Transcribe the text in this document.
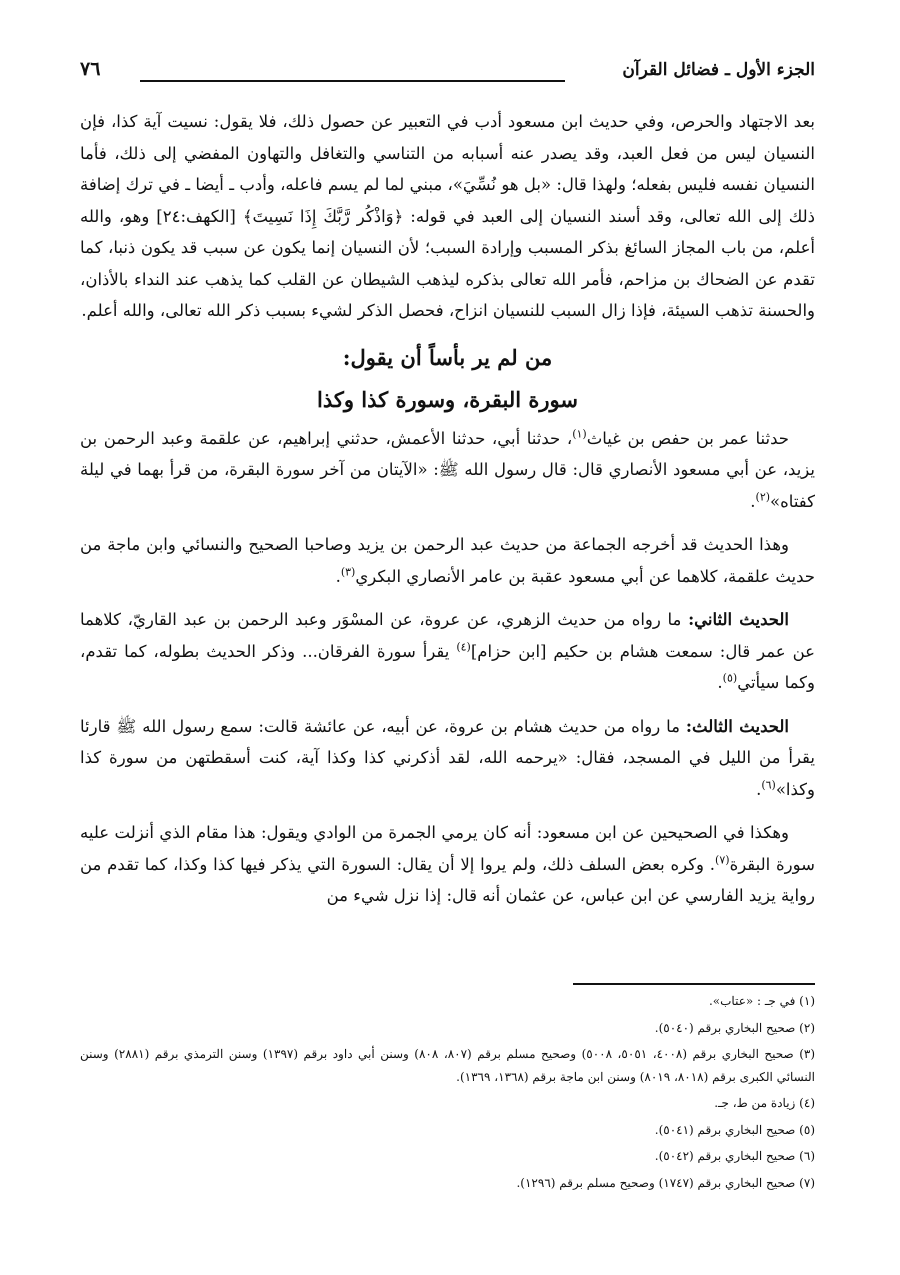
الجزء الأول ـ فضائل القرآن
٧٦

بعد الاجتهاد والحرص، وفي حديث ابن مسعود أدب في التعبير عن حصول ذلك، فلا يقول: نسيت آية كذا، فإن النسيان ليس من فعل العبد، وقد يصدر عنه أسبابه من التناسي والتغافل والتهاون المفضي إلى ذلك، فأما النسيان نفسه فليس بفعله؛ ولهذا قال: «بل هو نُسِّيَ»، مبني لما لم يسم فاعله، وأدب ـ أيضا ـ في ترك إضافة ذلك إلى الله تعالى، وقد أسند النسيان إلى العبد في قوله: ﴿وَاذْكُر رَّبَّكَ إِذَا نَسِيتَ﴾ [الكهف:٢٤] وهو، والله أعلم، من باب المجاز السائغ بذكر المسبب وإرادة السبب؛ لأن النسيان إنما يكون عن سبب قد يكون ذنبا، كما تقدم عن الضحاك بن مزاحم، فأمر الله تعالى بذكره ليذهب الشيطان عن القلب كما يذهب عند النداء بالأذان، والحسنة تذهب السيئة، فإذا زال السبب للنسيان انزاح، فحصل الذكر لشيء بسبب ذكر الله تعالى، والله أعلم.

من لم ير بأساً أن يقول:
سورة البقرة، وسورة كذا وكذا

حدثنا عمر بن حفص بن غياث$^{(١)}$، حدثنا أبي، حدثنا الأعمش، حدثني إبراهيم، عن علقمة وعبد الرحمن بن يزيد، عن أبي مسعود الأنصاري قال: قال رسول الله ﷺ: «الآيتان من آخر سورة البقرة، من قرأ بهما في ليلة كفتاه»$^{(٢)}$.

وهذا الحديث قد أخرجه الجماعة من حديث عبد الرحمن بن يزيد وصاحبا الصحيح والنسائي وابن ماجة من حديث علقمة، كلاهما عن أبي مسعود عقبة بن عامر الأنصاري البكري$^{(٣)}$.

الحديث الثاني: ما رواه من حديث الزهري، عن عروة، عن المسْوَر وعبد الرحمن بن عبد القاريّ، كلاهما عن عمر قال: سمعت هشام بن حكيم [ابن حزام]$^{(٤)}$ يقرأ سورة الفرقان... وذكر الحديث بطوله، كما تقدم، وكما سيأتي$^{(٥)}$.

الحديث الثالث: ما رواه من حديث هشام بن عروة، عن أبيه، عن عائشة قالت: سمع رسول الله ﷺ قارئا يقرأ من الليل في المسجد، فقال: «يرحمه الله، لقد أذكرني كذا وكذا آية، كنت أسقطتهن من سورة كذا وكذا»$^{(٦)}$.

وهكذا في الصحيحين عن ابن مسعود: أنه كان يرمي الجمرة من الوادي ويقول: هذا مقام الذي أنزلت عليه سورة البقرة$^{(٧)}$. وكره بعض السلف ذلك، ولم يروا إلا أن يقال: السورة التي يذكر فيها كذا وكذا، كما تقدم من رواية يزيد الفارسي عن ابن عباس، عن عثمان أنه قال: إذا نزل شيء من

(١) في جـ : «عتاب».
(٢) صحيح البخاري برقم (٥٠٤٠).
(٣) صحيح البخاري برقم (٤٠٠٨، ٥٠٥١، ٥٠٠٨) وصحيح مسلم برقم (٨٠٧، ٨٠٨) وسنن أبي داود برقم (١٣٩٧) وسنن الترمذي برقم (٢٨٨١) وسنن النسائي الكبرى برقم (٨٠١٨، ٨٠١٩) وسنن ابن ماجة برقم (١٣٦٨، ١٣٦٩).
(٤) زيادة من ط، جـ.
(٥) صحيح البخاري برقم (٥٠٤١).
(٦) صحيح البخاري برقم (٥٠٤٢).
(٧) صحيح البخاري برقم (١٧٤٧) وصحيح مسلم برقم (١٢٩٦).
